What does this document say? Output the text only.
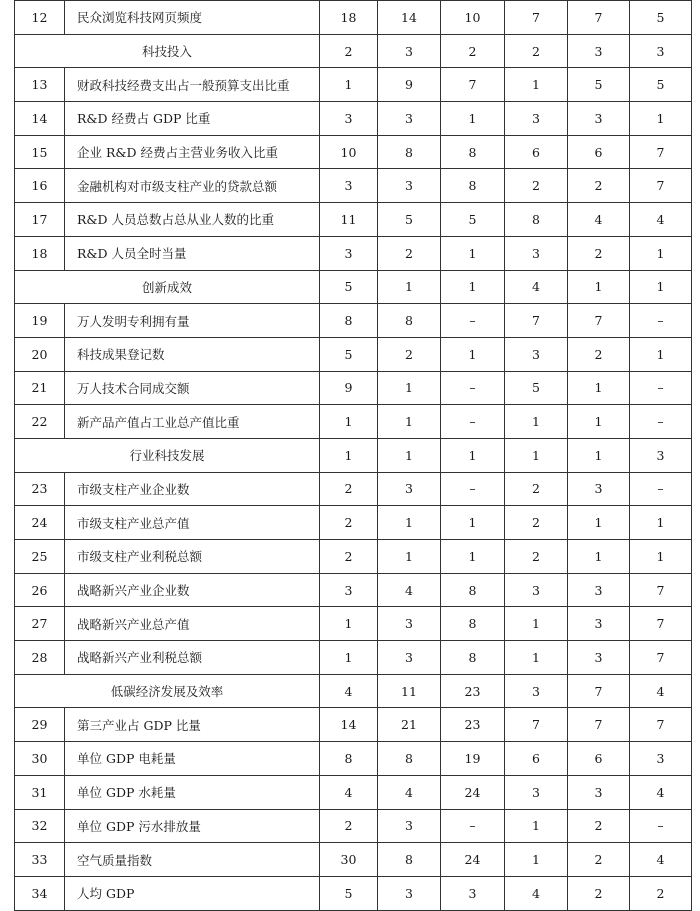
12	民众浏览科技网页频度	18	14	10	7	7	5
科技投入		2	3	2	2	3	3
13	财政科技经费支出占一般预算支出比重	1	9	7	1	5	5
14	R&D 经费占 GDP 比重	3	3	1	3	3	1
15	企业 R&D 经费占主营业务收入比重	10	8	8	6	6	7
16	金融机构对市级支柱产业的贷款总额	3	3	8	2	2	7
17	R&D 人员总数占总从业人数的比重	11	5	5	8	4	4
18	R&D 人员全时当量	3	2	1	3	2	1
创新成效		5	1	1	4	1	1
19	万人发明专利拥有量	8	8	–	7	7	–
20	科技成果登记数	5	2	1	3	2	1
21	万人技术合同成交额	9	1	–	5	1	–
22	新产品产值占工业总产值比重	1	1	–	1	1	–
行业科技发展		1	1	1	1	1	3
23	市级支柱产业企业数	2	3	–	2	3	–
24	市级支柱产业总产值	2	1	1	2	1	1
25	市级支柱产业利税总额	2	1	1	2	1	1
26	战略新兴产业企业数	3	4	8	3	3	7
27	战略新兴产业总产值	1	3	8	1	3	7
28	战略新兴产业利税总额	1	3	8	1	3	7
低碳经济发展及效率		4	11	23	3	7	4
29	第三产业占 GDP 比量	14	21	23	7	7	7
30	单位 GDP 电耗量	8	8	19	6	6	3
31	单位 GDP 水耗量	4	4	24	3	3	4
32	单位 GDP 污水排放量	2	3	–	1	2	–
33	空气质量指数	30	8	24	1	2	4
34	人均 GDP	5	3	3	4	2	2
